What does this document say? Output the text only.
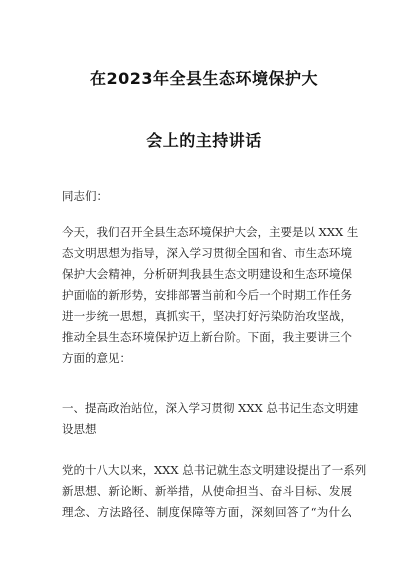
在2023年全县生态环境保护大
会上的主持讲话

同志们：

今天，我们召开全县生态环境保护大会，主要是以 XXX 生
态文明思想为指导，深入学习贯彻全国和省、市生态环境
保护大会精神，分析研判我县生态文明建设和生态环境保
护面临的新形势，安排部署当前和今后一个时期工作任务
进一步统一思想，真抓实干，坚决打好污染防治攻坚战，
推动全县生态环境保护迈上新台阶。下面，我主要讲三个
方面的意见：

一、提高政治站位，深入学习贯彻 XXX 总书记生态文明建
设思想

党的十八大以来，XXX 总书记就生态文明建设提出了一系列
新思想、新论断、新举措，从使命担当、奋斗目标、发展
理念、方法路径、制度保障等方面，深刻回答了“为什么
